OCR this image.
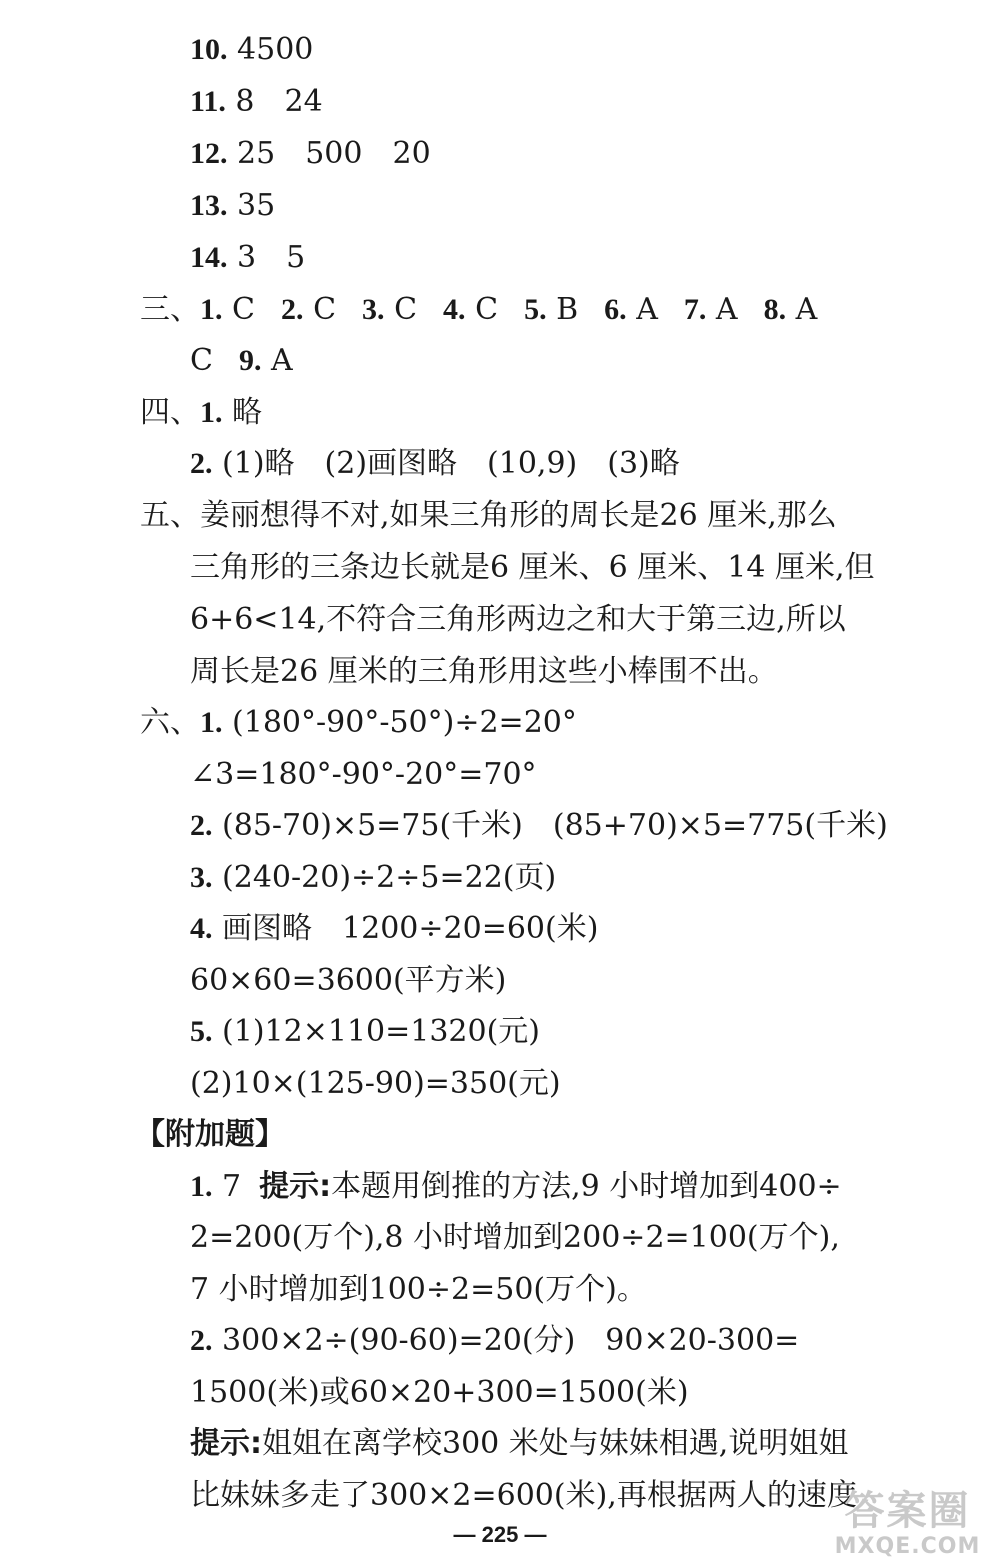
10. 4500
11. 8　24
12. 25　500　20
13. 35
14. 3　5
三、1. C 2. C 3. C 4. C 5. B 6. A 7. A 8. A
C 9. A
四、1. 略
2. (1)略　(2)画图略　(10,9)　(3)略
五、姜丽想得不对,如果三角形的周长是26 厘米,那么
三角形的三条边长就是6 厘米、6 厘米、14 厘米,但
6+6<14,不符合三角形两边之和大于第三边,所以
周长是26 厘米的三角形用这些小棒围不出。
六、1. (180°-90°-50°)÷2=20°
∠3=180°-90°-20°=70°
2. (85-70)×5=75(千米)　(85+70)×5=775(千米)
3. (240-20)÷2÷5=22(页)
4. 画图略　1200÷20=60(米)
60×60=3600(平方米)
5. (1)12×110=1320(元)
(2)10×(125-90)=350(元)
【附加题】
1. 7 提示:本题用倒推的方法,9 小时增加到400÷
2=200(万个),8 小时增加到200÷2=100(万个),
7 小时增加到100÷2=50(万个)。
2. 300×2÷(90-60)=20(分)　90×20-300=
1500(米)或60×20+300=1500(米)
提示:姐姐在离学校300 米处与妹妹相遇,说明姐姐
比妹妹多走了300×2=600(米),再根据两人的速度
— 225 —
答案圈
MXQE.COM
